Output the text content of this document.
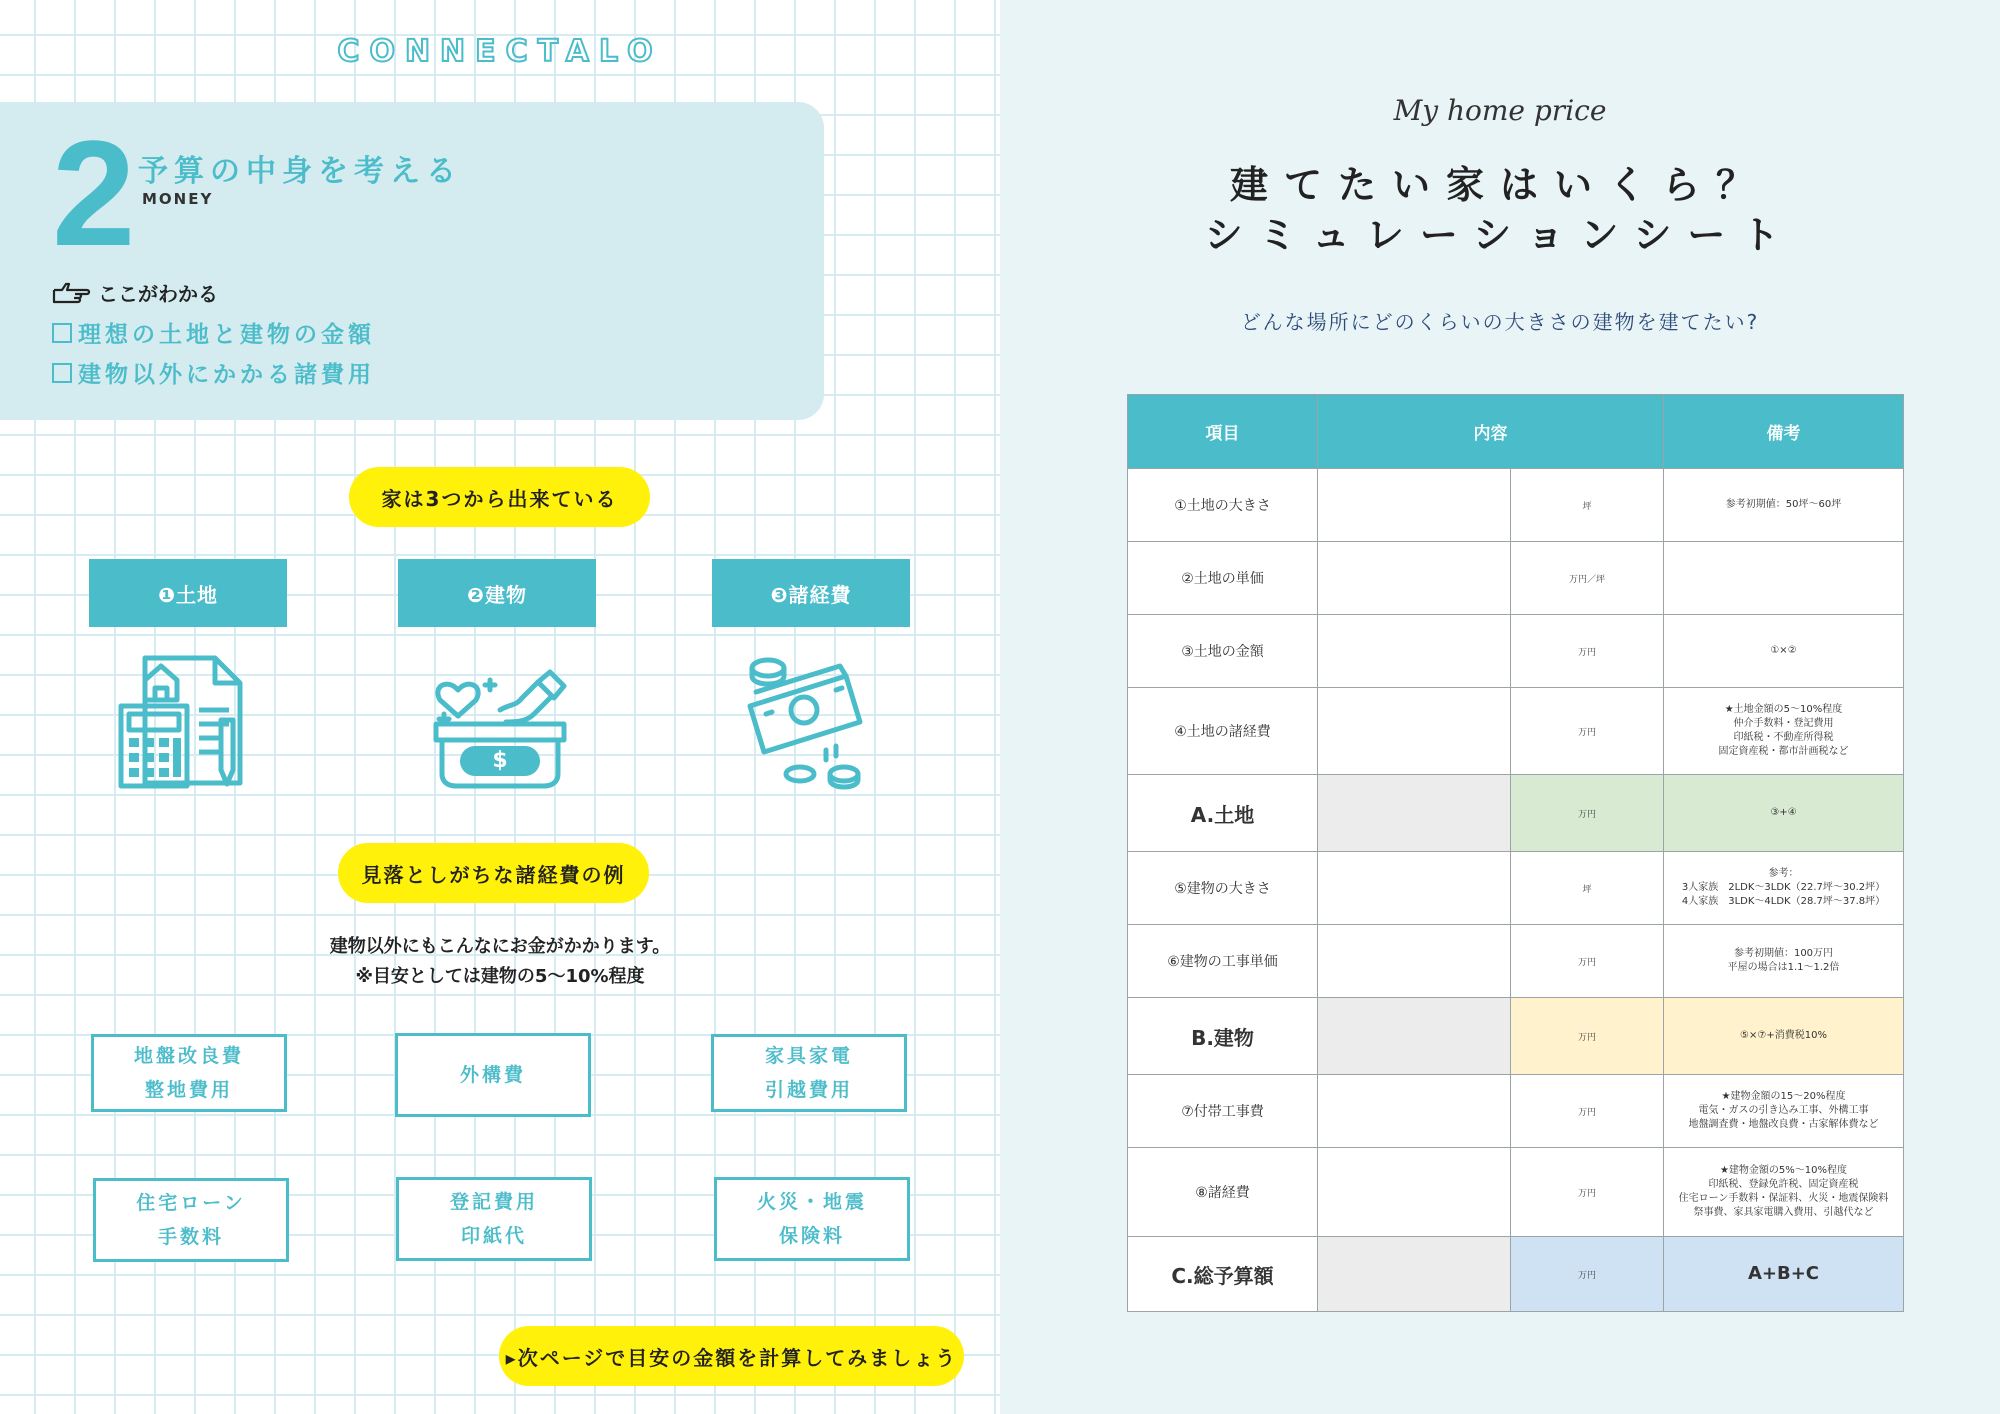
CONNECTALO
2 予算の中身を考える
MONEY
ここがわかる
理想の土地と建物の金額
建物以外にかかる諸費用
家は3つから出来ている
❶土地	❷建物	❸諸経費
$
見落としがちな諸経費の例
建物以外にもこんなにお金がかかります。
※目安としては建物の5～10%程度
地盤改良費
整地費用
外構費
家具家電
引越費用
住宅ローン
手数料
登記費用
印紙代
火災・地震
保険料
▸次ページで目安の金額を計算してみましょう
My home price
建てたい家はいくら？
シミュレーションシート
どんな場所にどのくらいの大きさの建物を建てたい?
項目	内容		備考
①土地の大きさ		坪	参考初期値：50坪～60坪

②土地の単価		万円／坪	
③土地の金額		万円	①×②

④土地の諸経費		万円	★土地金額の5～10%程度
仲介手数料・登記費用
印紙税・不動産所得税
固定資産税・都市計画税など

A.土地		万円	③+④

⑤建物の大きさ		坪	参考：
3人家族　2LDK～3LDK（22.7坪～30.2坪）
4人家族　3LDK～4LDK（28.7坪～37.8坪）

⑥建物の工事単価		万円	参考初期値：100万円
平屋の場合は1.1～1.2倍

B.建物		万円	⑤×⑦+消費税10%

⑦付帯工事費		万円	★建物金額の15～20%程度
電気・ガスの引き込み工事、外構工事
地盤調査費・地盤改良費・古家解体費など

⑧諸経費		万円	★建物金額の5%～10%程度
印紙税、登録免許税、固定資産税
住宅ローン手数料・保証料、火災・地震保険料
祭事費、家具家電購入費用、引越代など

C.総予算額		万円	A+B+C
